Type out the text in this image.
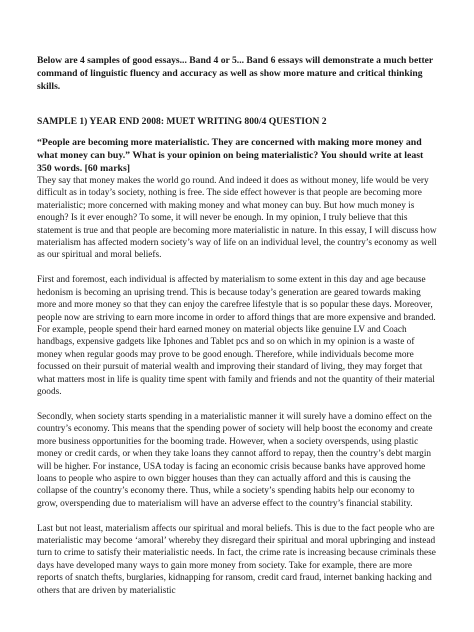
Below are 4 samples of good essays... Band 4 or 5... Band 6 essays will demonstrate a much better command of linguistic fluency and accuracy as well as show more mature and critical thinking skills.

SAMPLE 1) YEAR END 2008: MUET WRITING 800/4 QUESTION 2

“People are becoming more materialistic. They are concerned with making more money and what money can buy.” What is your opinion on being materialistic? You should write at least 350 words. [60 marks]

They say that money makes the world go round. And indeed it does as without money, life would be very difficult as in today’s society, nothing is free. The side effect however is that people are becoming more materialistic; more concerned with making money and what money can buy. But how much money is enough? Is it ever enough? To some, it will never be enough. In my opinion, I truly believe that this statement is true and that people are becoming more materialistic in nature. In this essay, I will discuss how materialism has affected modern society’s way of life on an individual level, the country’s economy as well as our spiritual and moral beliefs.

First and foremost, each individual is affected by materialism to some extent in this day and age because hedonism is becoming an uprising trend. This is because today’s generation are geared towards making more and more money so that they can enjoy the carefree lifestyle that is so popular these days. Moreover, people now are striving to earn more income in order to afford things that are more expensive and branded. For example, people spend their hard earned money on material objects like genuine LV and Coach handbags, expensive gadgets like Iphones and Tablet pcs and so on which in my opinion is a waste of money when regular goods may prove to be good enough. Therefore, while individuals become more focussed on their pursuit of material wealth and improving their standard of living, they may forget that what matters most in life is quality time spent with family and friends and not the quantity of their material goods.

Secondly, when society starts spending in a materialistic manner it will surely have a domino effect on the country’s economy. This means that the spending power of society will help boost the economy and create more business opportunities for the booming trade. However, when a society overspends, using plastic money or credit cards, or when they take loans they cannot afford to repay, then the country’s debt margin will be higher. For instance, USA today is facing an economic crisis because banks have approved home loans to people who aspire to own bigger houses than they can actually afford and this is causing the collapse of the country’s economy there. Thus, while a society’s spending habits help our economy to grow, overspending due to materialism will have an adverse effect to the country’s financial stability.

Last but not least, materialism affects our spiritual and moral beliefs. This is due to the fact people who are materialistic may become ‘amoral’ whereby they disregard their spiritual and moral upbringing and instead turn to crime to satisfy their materialistic needs. In fact, the crime rate is increasing because criminals these days have developed many ways to gain more money from society. Take for example, there are more reports of snatch thefts, burglaries, kidnapping for ransom, credit card fraud, internet banking hacking and others that are driven by materialistic
